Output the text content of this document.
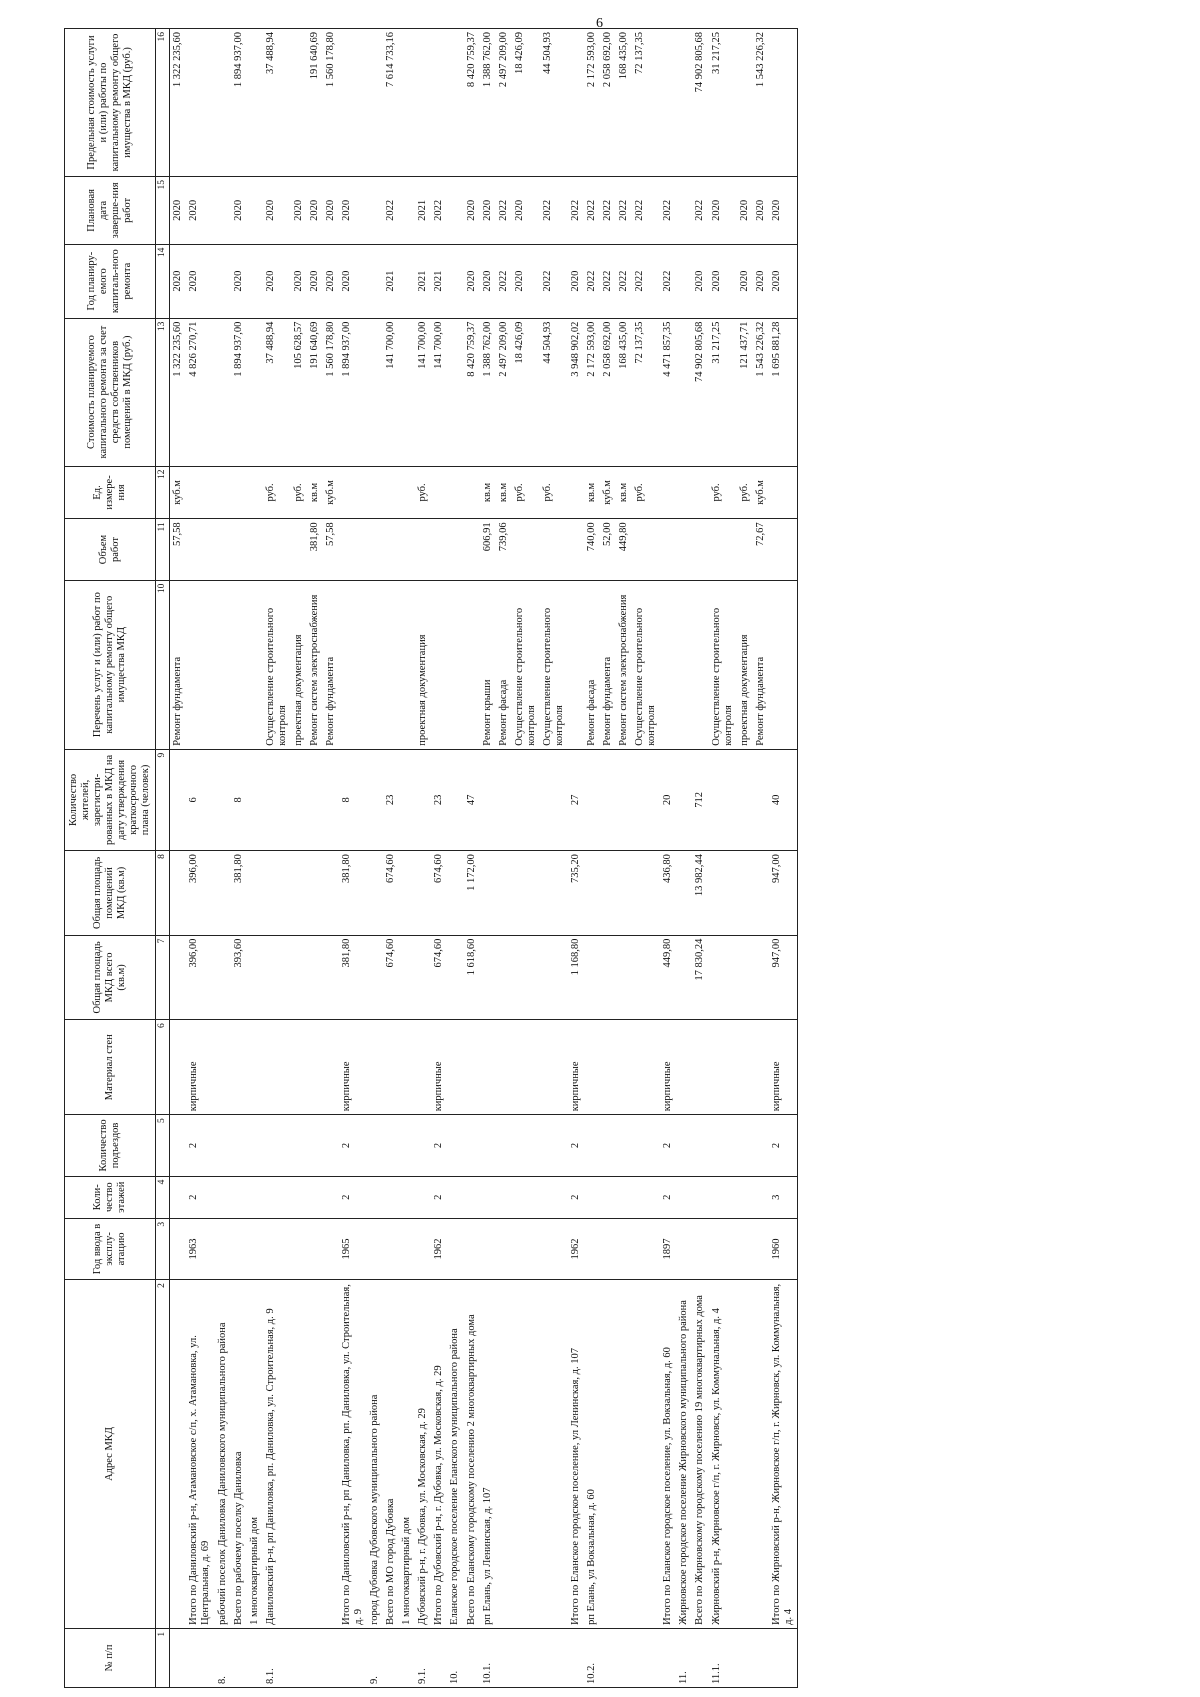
6
№ п/п	Адрес МКД	Год ввода в эксплу-атацию	Коли-чество этажей	Количество подъездов	Материал стен	Общая площадь МКД всего (кв.м)	Общая площадь помещений МКД (кв.м)	Количество жителей, зарегистри-рованных в МКД на дату утверждения краткосрочного плана (человек)	Перечень услуг и (или) работ по капитальному ремонту общего имущества МКД	Объем работ	Ед. измере-ния	Стоимость планируемого капитального ремонта за счет средств собственников помещений в МКД (руб.)	Год планиру-емого капиталь-ного ремонта	Плановая дата заверше-ния работ	Предельная стоимость услуги и (или) работы по капитальному ремонту общего имущества в МКД (руб.)
1	2	3	4	5	6	7	8	9	10	11	12	13	14	15	16
									Ремонт фундамента	57,58	куб.м	1 322 235,60	2020	2020	1 322 235,60
	Итого по Даниловский р-н, Атамановское с/п, х. Атамановка, ул. Центральная, д. 69	1963	2	2	кирпичные	396,00	396,00	6				4 826 270,71	2020	2020	
8.	рабочий поселок Даниловка Даниловского муниципального района														
	Всего по рабочему поселку Даниловка					393,60	381,80	8				1 894 937,00	2020	2020	1 894 937,00
	1 многоквартирный дом														
8.1.	Даниловский р-н, рп Даниловка, рп. Даниловка, ул. Строительная, д. 9								Осуществление строительного контроля		руб.	37 488,94	2020	2020	37 488,94
									проектная документация		руб.	105 628,57	2020	2020	
									Ремонт систем электроснабжения	381,80	кв.м	191 640,69	2020	2020	191 640,69
									Ремонт фундамента	57,58	куб.м	1 560 178,80	2020	2020	1 560 178,80
	Итого по Даниловский р-н, рп Даниловка, рп. Даниловка, ул. Строительная, д. 9	1965	2	2	кирпичные	381,80	381,80	8				1 894 937,00	2020	2020	
9.	город Дубовка Дубовского муниципального района														
	Всего по МО город Дубовка					674,60	674,60	23				141 700,00	2021	2022	7 614 733,16
	1 многоквартирный дом														
9.1.	Дубовский р-н, г. Дубовка, ул. Московская, д. 29								проектная документация		руб.	141 700,00	2021	2021	
	Итого по Дубовский р-н, г. Дубовка, ул. Московская, д. 29	1962	2	2	кирпичные	674,60	674,60	23				141 700,00	2021	2022	
10.	Еланское городское поселение Еланского муниципального района														
	Всего по Еланскому городскому поселению 2 многоквартирных дома					1 618,60	1 172,00	47				8 420 759,37	2020	2020	8 420 759,37
10.1.	рп Елань, ул Ленинская, д. 107								Ремонт крыши	606,91	кв.м	1 388 762,00	2020	2020	1 388 762,00
									Ремонт фасада	739,06	кв.м	2 497 209,00	2022	2022	2 497 209,00
									Осуществление строительного контроля		руб.	18 426,09	2020	2020	18 426,09
									Осуществление строительного контроля		руб.	44 504,93	2022	2022	44 504,93
	Итого по Еланское городское поселение, ул Ленинская, д. 107	1962	2	2	кирпичные	1 168,80	735,20	27				3 948 902,02	2020	2022	
10.2.	рп Елань, ул Вокзальная, д. 60								Ремонт фасада	740,00	кв.м	2 172 593,00	2022	2022	2 172 593,00
									Ремонт фундамента	52,00	куб.м	2 058 692,00	2022	2022	2 058 692,00
									Ремонт систем электроснабжения	449,80	кв.м	168 435,00	2022	2022	168 435,00
									Осуществление строительного контроля		руб.	72 137,35	2022	2022	72 137,35
	Итого по Еланское городское поселение, ул. Вокзальная, д. 60	1897	2	2	кирпичные	449,80	436,80	20				4 471 857,35	2022	2022	
11.	Жирновское городское поселение Жирновского муниципального района														
	Всего по Жирновскому городскому поселению 19 многоквартирных дома					17 830,24	13 982,44	712				74 902 805,68	2020	2022	74 902 805,68
11.1.	Жирновский р-н, Жирновское г/п, г. Жирновск, ул. Коммунальная, д. 4								Осуществление строительного контроля		руб.	31 217,25	2020	2020	31 217,25
									проектная документация		руб.	121 437,71	2020	2020	
									Ремонт фундамента	72,67	куб.м	1 543 226,32	2020	2020	1 543 226,32
	Итого по Жирновский р-н, Жирновское г/п, г. Жирновск, ул. Коммунальная, д. 4	1960	3	2	кирпичные	947,00	947,00	40				1 695 881,28	2020	2020	
